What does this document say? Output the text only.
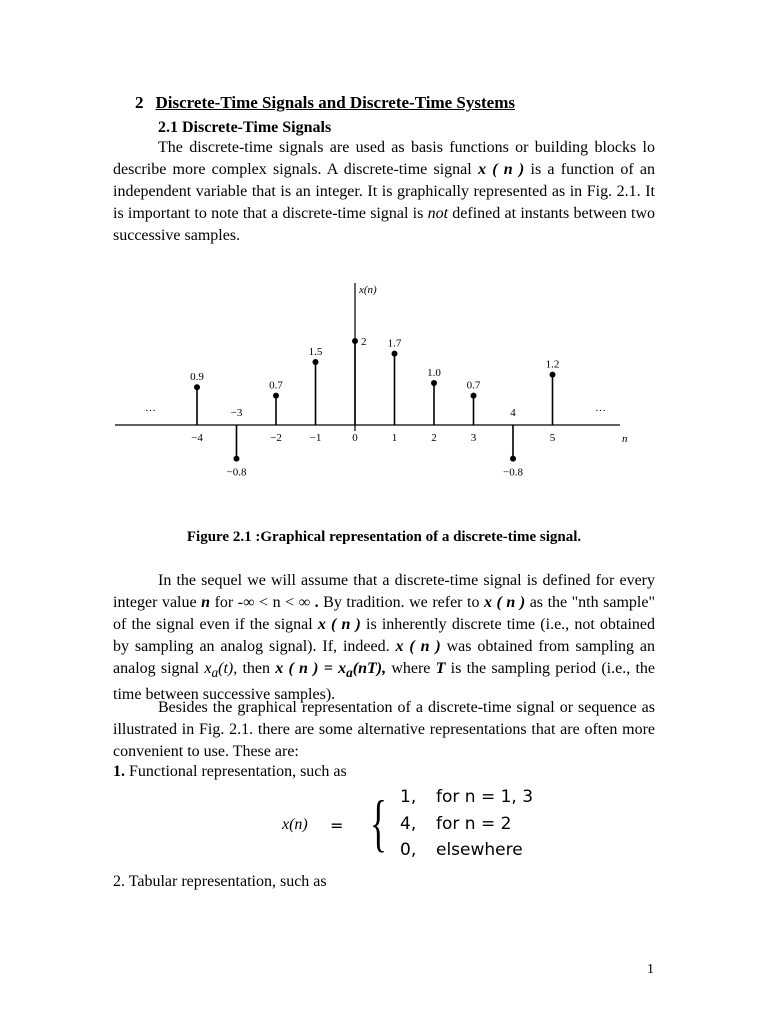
2 Discrete-Time Signals and Discrete-Time Systems
2.1 Discrete-Time Signals

The discrete-time signals are used as basis functions or building blocks lo describe more complex signals. A discrete-time signal x ( n ) is a function of an independent variable that is an integer. It is graphically represented as in Fig. 2.1. It is important to note that a discrete-time signal is not defined at instants between two successive samples.

x(n)
n
···	···
0.9
−4
−0.8
−3
0.7
−2
1.5
−1
2
0
1.7
1
1.0
2
0.7
3
−0.8
4
1.2
5
Figure 2.1 :Graphical representation of a discrete-time signal.

In the sequel we will assume that a discrete-time signal is defined for every integer value n for -∞ < n < ∞ . By tradition. we refer to x ( n ) as the "nth sample" of the signal even if the signal x ( n ) is inherently discrete time (i.e., not obtained by sampling an analog signal). If, indeed. x ( n ) was obtained from sampling an analog signal $x_a(t)$, then x ( n ) = $x_a(nT)$, where T is the sampling period (i.e., the time between successive samples).

Besides the graphical representation of a discrete-time signal or sequence as illustrated in Fig. 2.1. there are some alternative representations that are often more convenient to use. These are:

1. Functional representation, such as
x(n) = { 1, for n = 1, 3
4, for n = 2
0, elsewhere
2. Tabular representation, such as
1
